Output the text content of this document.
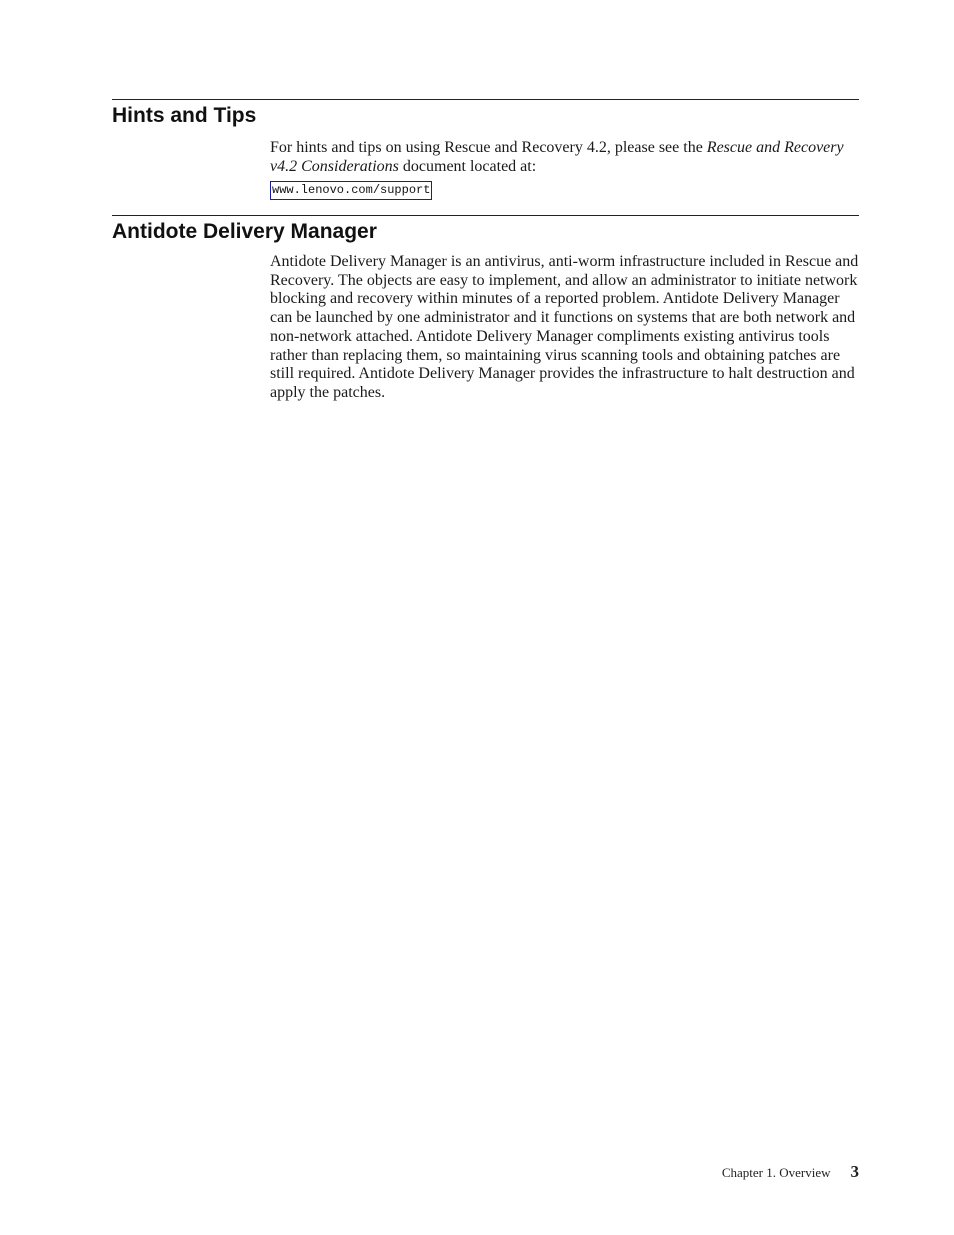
Hints and Tips

For hints and tips on using Rescue and Recovery 4.2, please see the Rescue and Recovery v4.2 Considerations document located at:

www.lenovo.com/support
Antidote Delivery Manager

Antidote Delivery Manager is an antivirus, anti-worm infrastructure included in Rescue and Recovery. The objects are easy to implement, and allow an administrator to initiate network blocking and recovery within minutes of a reported problem. Antidote Delivery Manager can be launched by one administrator and it functions on systems that are both network and non-network attached. Antidote Delivery Manager compliments existing antivirus tools rather than replacing them, so maintaining virus scanning tools and obtaining patches are still required. Antidote Delivery Manager provides the infrastructure to halt destruction and apply the patches.

Chapter 1. Overview 3
